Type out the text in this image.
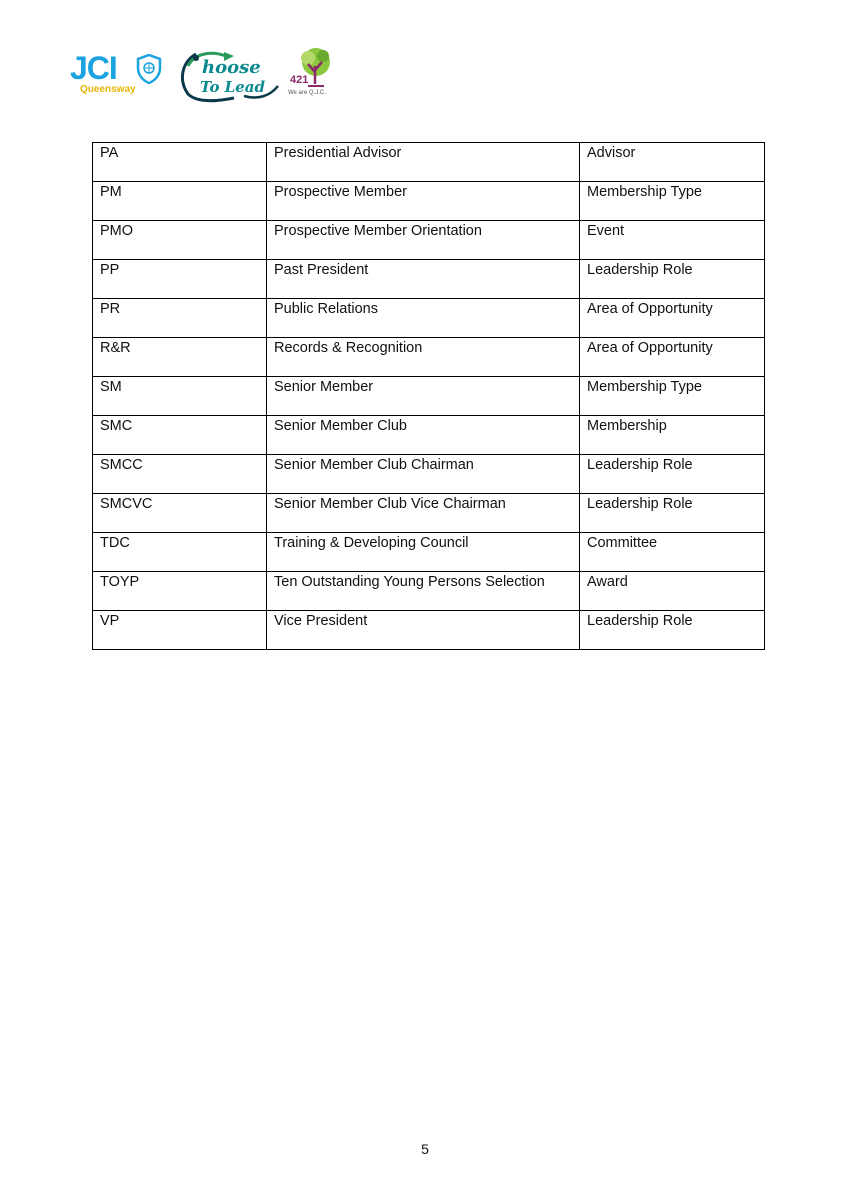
JCI
Queensway
hoose
To Lead 421
We are Q.J.C.
PA	Presidential Advisor	Advisor
PM	Prospective Member	Membership Type
PMO	Prospective Member Orientation	Event
PP	Past President	Leadership Role
PR	Public Relations	Area of Opportunity
R&R	Records & Recognition	Area of Opportunity
SM	Senior Member	Membership Type
SMC	Senior Member Club	Membership
SMCC	Senior Member Club Chairman	Leadership Role
SMCVC	Senior Member Club Vice Chairman	Leadership Role
TDC	Training & Developing Council	Committee
TOYP	Ten Outstanding Young Persons Selection	Award
VP	Vice President	Leadership Role
5
